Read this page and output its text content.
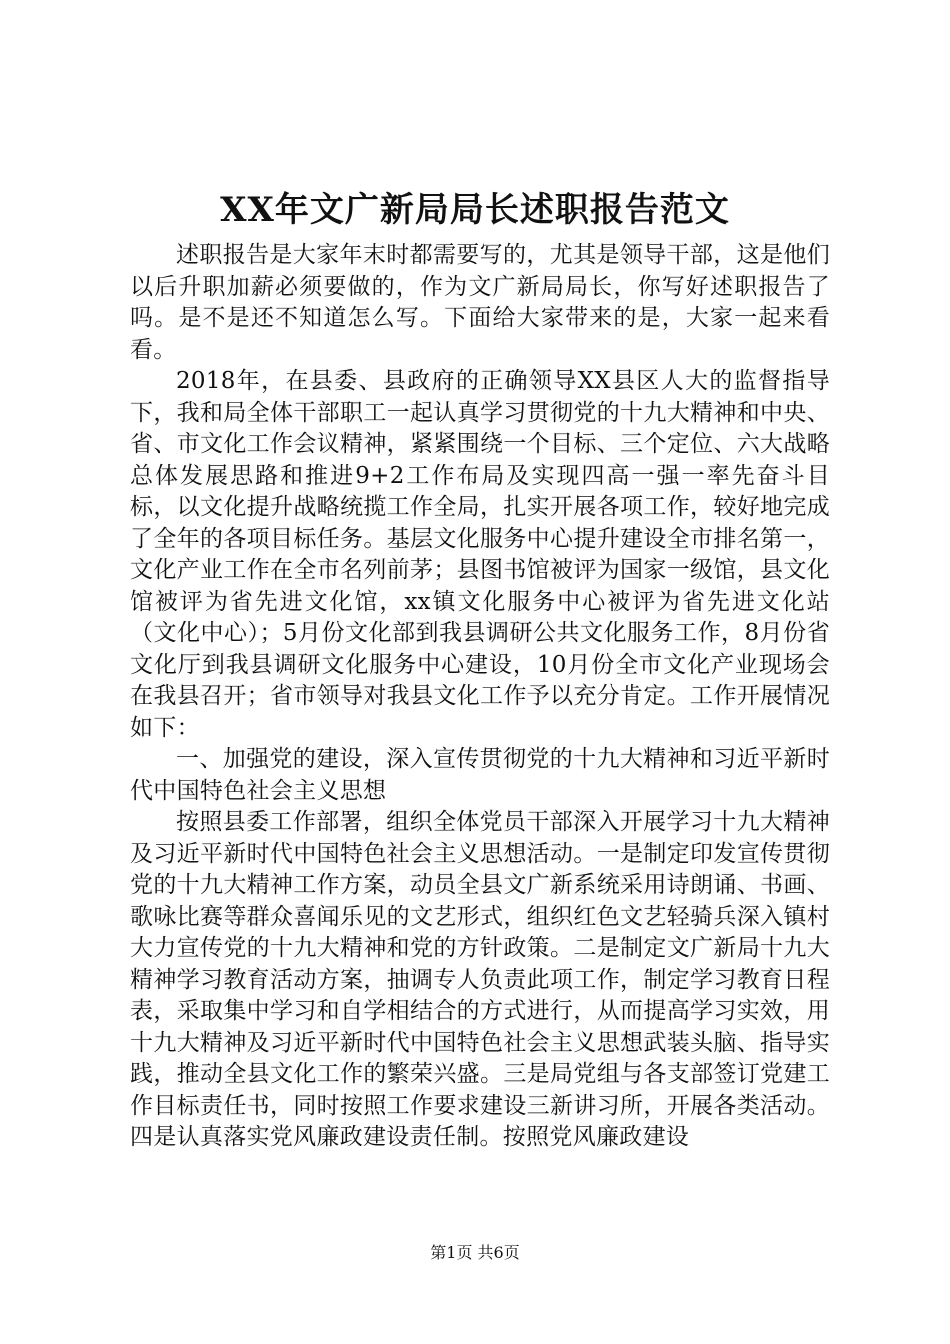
XX年文广新局局长述职报告范文

述职报告是大家年末时都需要写的，尤其是领导干部，这是他们以后升职加薪必须要做的，作为文广新局局长，你写好述职报告了吗。是不是还不知道怎么写。下面给大家带来的是，大家一起来看看。

2018年，在县委、县政府的正确领导XX县区人大的监督指导下，我和局全体干部职工一起认真学习贯彻党的十九大精神和中央、省、市文化工作会议精神，紧紧围绕一个目标、三个定位、六大战略总体发展思路和推进9+2工作布局及实现四高一强一率先奋斗目标，以文化提升战略统揽工作全局，扎实开展各项工作，较好地完成了全年的各项目标任务。基层文化服务中心提升建设全市排名第一，文化产业工作在全市名列前茅；县图书馆被评为国家一级馆，县文化馆被评为省先进文化馆，xx镇文化服务中心被评为省先进文化站（文化中心）；5月份文化部到我县调研公共文化服务工作，8月份省文化厅到我县调研文化服务中心建设，10月份全市文化产业现场会在我县召开；省市领导对我县文化工作予以充分肯定。工作开展情况如下：

一、加强党的建设，深入宣传贯彻党的十九大精神和习近平新时代中国特色社会主义思想

按照县委工作部署，组织全体党员干部深入开展学习十九大精神及习近平新时代中国特色社会主义思想活动。一是制定印发宣传贯彻党的十九大精神工作方案，动员全县文广新系统采用诗朗诵、书画、歌咏比赛等群众喜闻乐见的文艺形式，组织红色文艺轻骑兵深入镇村大力宣传党的十九大精神和党的方针政策。二是制定文广新局十九大精神学习教育活动方案，抽调专人负责此项工作，制定学习教育日程表，采取集中学习和自学相结合的方式进行，从而提高学习实效，用十九大精神及习近平新时代中国特色社会主义思想武装头脑、指导实践，推动全县文化工作的繁荣兴盛。三是局党组与各支部签订党建工作目标责任书，同时按照工作要求建设三新讲习所，开展各类活动。四是认真落实党风廉政建设责任制。按照党风廉政建设

第1页 共6页
